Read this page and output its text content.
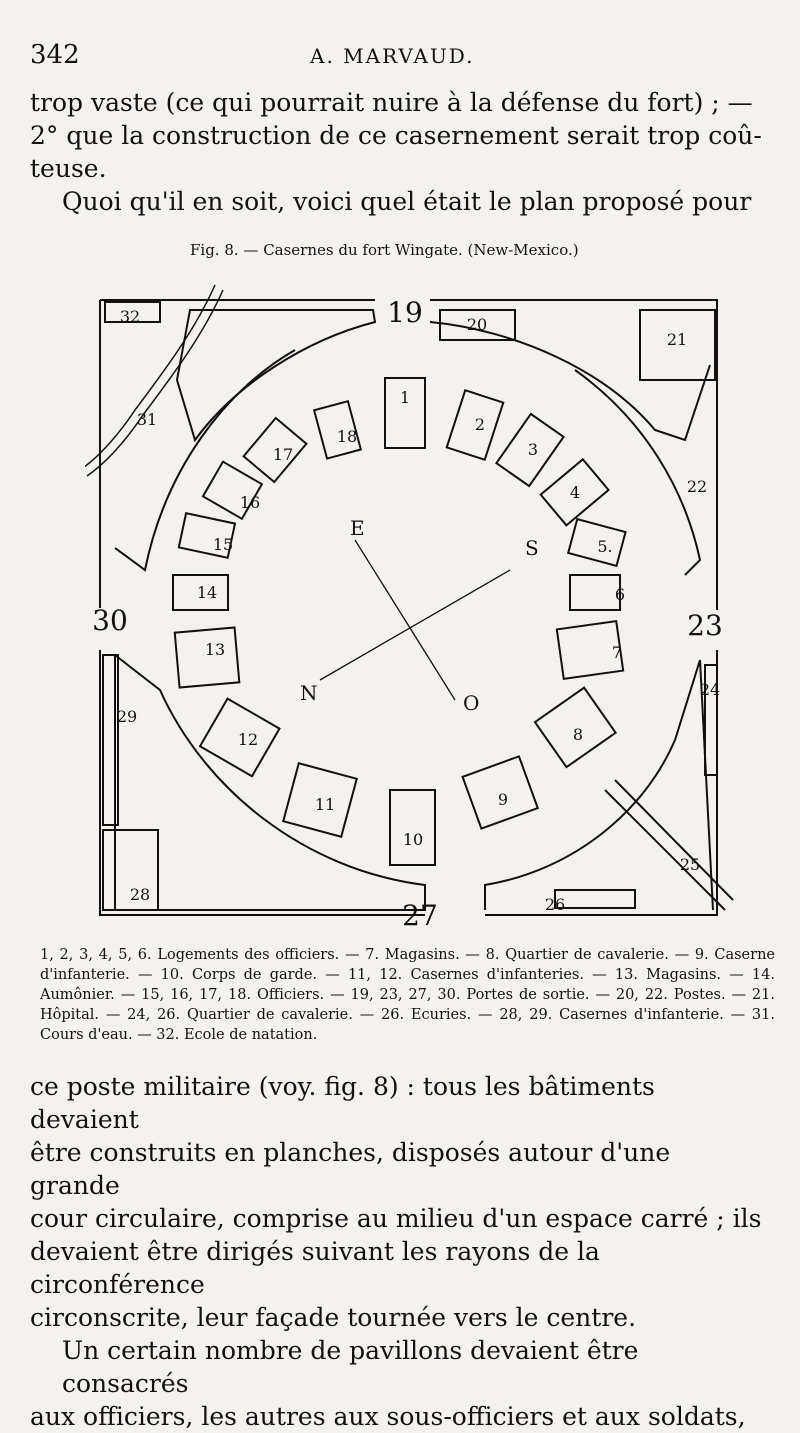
342	A. MARVAUD.
trop vaste (ce qui pourrait nuire à la défense du fort) ; —
2° que la construction de ce casernement serait trop coû-
teuse.
Quoi qu'il en soit, voici quel était le plan proposé pour
Fig. 8. — Casernes du fort Wingate. (New-Mexico.)
1
2
3
4
5.
6
7
8
9
10
11
12
13
14
15
16
17
18
19	20
21
22
23
24
25
26
27
28
29
30
31
32
E
S
O
N
1, 2, 3, 4, 5, 6. Logements des officiers. — 7. Magasins. — 8. Quartier de cavalerie. — 9. Caserne d'infanterie. — 10. Corps de garde. — 11, 12. Casernes d'infanteries. — 13. Magasins. — 14. Aumônier. — 15, 16, 17, 18. Officiers. — 19, 23, 27, 30. Portes de sortie. — 20, 22. Postes. — 21. Hôpital. — 24, 26. Quartier de cavalerie. — 26. Ecuries. — 28, 29. Casernes d'infanterie. — 31. Cours d'eau. — 32. Ecole de natation.
ce poste militaire (voy. fig. 8) : tous les bâtiments devaient
être construits en planches, disposés autour d'une grande
cour circulaire, comprise au milieu d'un espace carré ; ils
devaient être dirigés suivant les rayons de la circonférence
circonscrite, leur façade tournée vers le centre.
Un certain nombre de pavillons devaient être consacrés
aux officiers, les autres aux sous-officiers et aux soldats,
